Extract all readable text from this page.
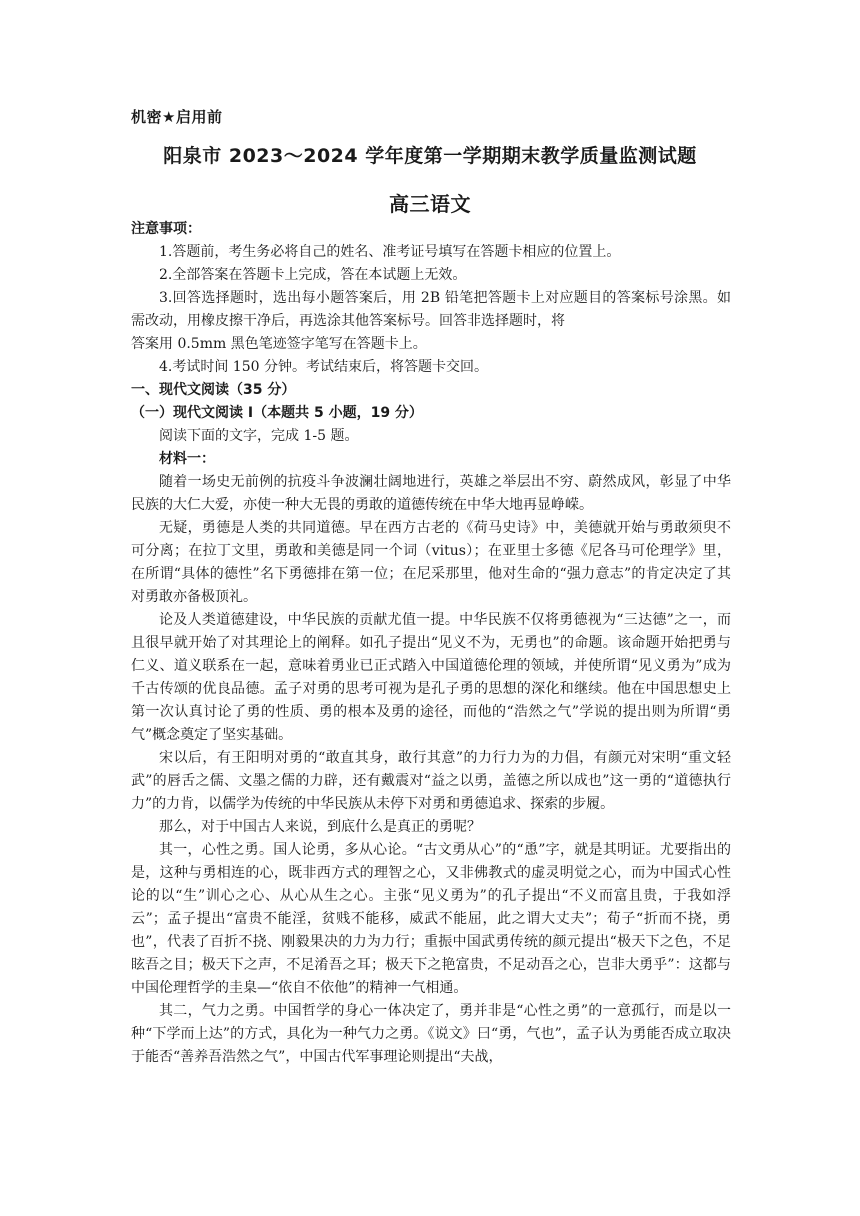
机密★启用前
阳泉市 2023～2024 学年度第一学期期末教学质量监测试题
高三语文

注意事项：

1.答题前，考生务必将自己的姓名、准考证号填写在答题卡相应的位置上。

2.全部答案在答题卡上完成，答在本试题上无效。

3.回答选择题时，选出每小题答案后，用 2B 铅笔把答题卡上对应题目的答案标号涂黑。如需改动，用橡皮擦干净后，再选涂其他答案标号。回答非选择题时，将

答案用 0.5mm 黑色笔迹签字笔写在答题卡上。

4.考试时间 150 分钟。考试结束后，将答题卡交回。

一、现代文阅读（35 分）

（一）现代文阅读 I（本题共 5 小题，19 分）

阅读下面的文字，完成 1-5 题。

材料一：

随着一场史无前例的抗疫斗争波澜壮阔地进行，英雄之举层出不穷、蔚然成风，彰显了中华民族的大仁大爱，亦使一种大无畏的勇敢的道德传统在中华大地再显峥嵘。

无疑，勇德是人类的共同道德。早在西方古老的《荷马史诗》中，美德就开始与勇敢须臾不可分离；在拉丁文里，勇敢和美德是同一个词（vitus）；在亚里士多德《尼各马可伦理学》里，在所谓“具体的德性”名下勇德排在第一位；在尼采那里，他对生命的“强力意志”的肯定决定了其对勇敢亦备极顶礼。

论及人类道德建设，中华民族的贡献尤值一提。中华民族不仅将勇德视为“三达德”之一，而且很早就开始了对其理论上的阐释。如孔子提出“见义不为，无勇也”的命题。该命题开始把勇与仁义、道义联系在一起，意味着勇业已正式踏入中国道德伦理的领域，并使所谓“见义勇为”成为千古传颂的优良品德。孟子对勇的思考可视为是孔子勇的思想的深化和继续。他在中国思想史上第一次认真讨论了勇的性质、勇的根本及勇的途径，而他的“浩然之气”学说的提出则为所谓“勇气”概念奠定了坚实基础。

宋以后，有王阳明对勇的“敢直其身，敢行其意”的力行力为的力倡，有颜元对宋明“重文轻武”的唇舌之儒、文墨之儒的力辟，还有戴震对“益之以勇，盖德之所以成也”这一勇的“道德执行力”的力肯，以儒学为传统的中华民族从未停下对勇和勇德追求、探索的步履。

那么，对于中国古人来说，到底什么是真正的勇呢？

其一，心性之勇。国人论勇，多从心论。“古文勇从心”的“恿”字，就是其明证。尤要指出的是，这种与勇相连的心，既非西方式的理智之心，又非佛教式的虚灵明觉之心，而为中国式心性论的以“生”训心之心、从心从生之心。主张“见义勇为”的孔子提出“不义而富且贵，于我如浮云”；孟子提出“富贵不能淫，贫贱不能移，威武不能屈，此之谓大丈夫”；荀子“折而不挠，勇也”，代表了百折不挠、刚毅果决的力为力行；重振中国武勇传统的颜元提出“极天下之色，不足眩吾之目；极天下之声，不足淆吾之耳；极天下之艳富贵，不足动吾之心，岂非大勇乎”：这都与中国伦理哲学的圭臬—“依自不依他”的精神一气相通。

其二，气力之勇。中国哲学的身心一体决定了，勇并非是“心性之勇”的一意孤行，而是以一种“下学而上达”的方式，具化为一种气力之勇。《说文》曰“勇，气也”，孟子认为勇能否成立取决于能否“善养吾浩然之气”，中国古代军事理论则提出“夫战，
